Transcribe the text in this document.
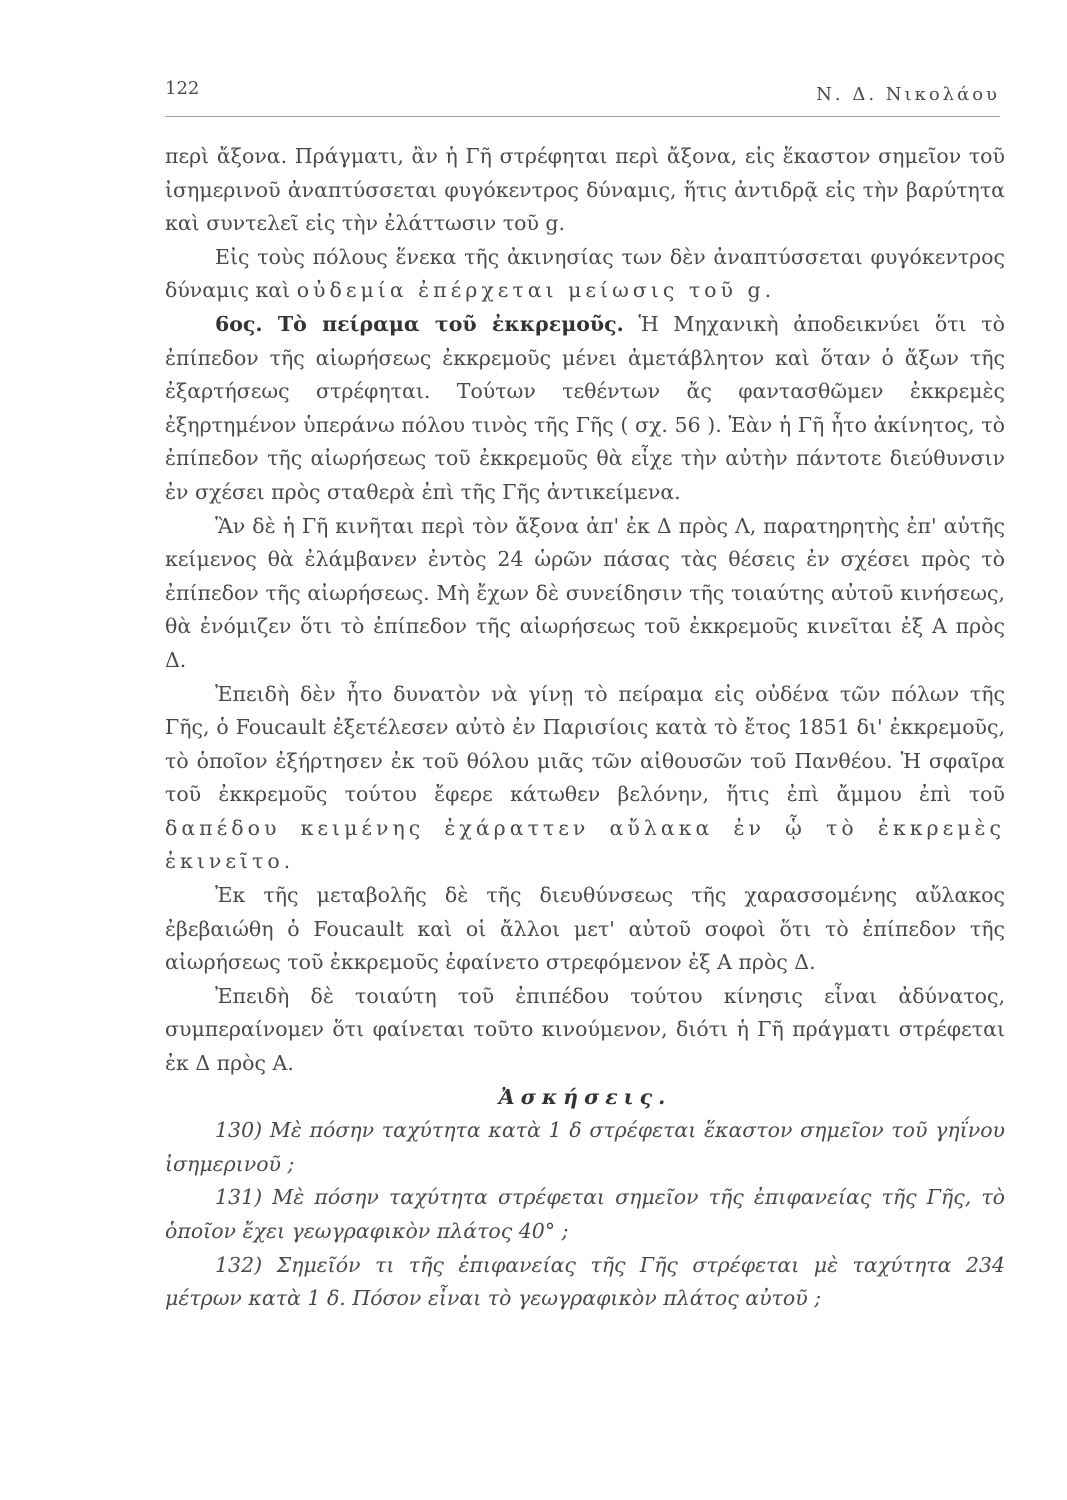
122	Ν. Δ. Νικολάου

περὶ ἄξονα. Πράγματι, ἂν ἡ Γῆ στρέφηται περὶ ἄξονα, εἰς ἕκαστον σημεῖον τοῦ ἰσημερινοῦ ἀναπτύσσεται φυγόκεντρος δύναμις, ἥτις ἀντιδρᾷ εἰς τὴν βαρύτητα καὶ συντελεῖ εἰς τὴν ἐλάττωσιν τοῦ g.

Εἰς τοὺς πόλους ἕνεκα τῆς ἀκινησίας των δὲν ἀναπτύσσεται φυγόκεντρος δύναμις καὶ οὐδεμία ἐπέρχεται μείωσις τοῦ g.

6ος. Τὸ πείραμα τοῦ ἐκκρεμοῦς. Ἡ Μηχανικὴ ἀποδεικνύει ὅτι τὸ ἐπίπεδον τῆς αἰωρήσεως ἐκκρεμοῦς μένει ἀμετάβλητον καὶ ὅταν ὁ ἄξων τῆς ἐξαρτήσεως στρέφηται. Τούτων τεθέντων ἄς φαντασθῶμεν ἐκκρεμὲς ἐξηρτημένον ὑπεράνω πόλου τινὸς τῆς Γῆς ( σχ. 56 ). Ἐὰν ἡ Γῆ ἦτο ἀκίνητος, τὸ ἐπίπεδον τῆς αἰωρήσεως τοῦ ἐκκρεμοῦς θὰ εἶχε τὴν αὐτὴν πάντοτε διεύθυνσιν ἐν σχέσει πρὸς σταθερὰ ἐπὶ τῆς Γῆς ἀντικείμενα.

Ἂν δὲ ἡ Γῆ κινῆται περὶ τὸν ἄξονα ἀπ' ἐκ Δ πρὸς Λ, παρατηρητὴς ἐπ' αὐτῆς κείμενος θὰ ἐλάμβανεν ἐντὸς 24 ὡρῶν πάσας τὰς θέσεις ἐν σχέσει πρὸς τὸ ἐπίπεδον τῆς αἰωρήσεως. Μὴ ἔχων δὲ συνείδησιν τῆς τοιαύτης αὐτοῦ κινήσεως, θὰ ἐνόμιζεν ὅτι τὸ ἐπίπεδον τῆς αἰωρήσεως τοῦ ἐκκρεμοῦς κινεῖται ἐξ Α πρὸς Δ.

Ἐπειδὴ δὲν ἦτο δυνατὸν νὰ γίνῃ τὸ πείραμα εἰς οὐδένα τῶν πόλων τῆς Γῆς, ὁ Foucault ἐξετέλεσεν αὐτὸ ἐν Παρισίοις κατὰ τὸ ἔτος 1851 δι' ἐκκρεμοῦς, τὸ ὁποῖον ἐξήρτησεν ἐκ τοῦ θόλου μιᾶς τῶν αἰθουσῶν τοῦ Πανθέου. Ἡ σφαῖρα τοῦ ἐκκρεμοῦς τούτου ἔφερε κάτωθεν βελόνην, ἥτις ἐπὶ ἄμμου ἐπὶ τοῦ δαπέδου κειμένης ἐχάραττεν αὔλακα ἐν ᾧ τὸ ἐκκρεμὲς ἐκινεῖτο.

Ἐκ τῆς μεταβολῆς δὲ τῆς διευθύνσεως τῆς χαρασσομένης αὔλακος ἐβεβαιώθη ὁ Foucault καὶ οἱ ἄλλοι μετ' αὐτοῦ σοφοὶ ὅτι τὸ ἐπίπεδον τῆς αἰωρήσεως τοῦ ἐκκρεμοῦς ἐφαίνετο στρεφόμενον ἐξ Α πρὸς Δ.

Ἐπειδὴ δὲ τοιαύτη τοῦ ἐπιπέδου τούτου κίνησις εἶναι ἀδύνατος, συμπεραίνομεν ὅτι φαίνεται τοῦτο κινούμενον, διότι ἡ Γῆ πράγματι στρέφεται ἐκ Δ πρὸς Α.

Ἀσκήσεις.

130) Μὲ πόσην ταχύτητα κατὰ 1 δ στρέφεται ἕκαστον σημεῖον τοῦ γηΐνου ἰσημερινοῦ ;

131) Μὲ πόσην ταχύτητα στρέφεται σημεῖον τῆς ἐπιφανείας τῆς Γῆς, τὸ ὁποῖον ἔχει γεωγραφικὸν πλάτος 40° ;

132) Σημεῖόν τι τῆς ἐπιφανείας τῆς Γῆς στρέφεται μὲ ταχύτητα 234 μέτρων κατὰ 1 δ. Πόσον εἶναι τὸ γεωγραφικὸν πλάτος αὐτοῦ ;
